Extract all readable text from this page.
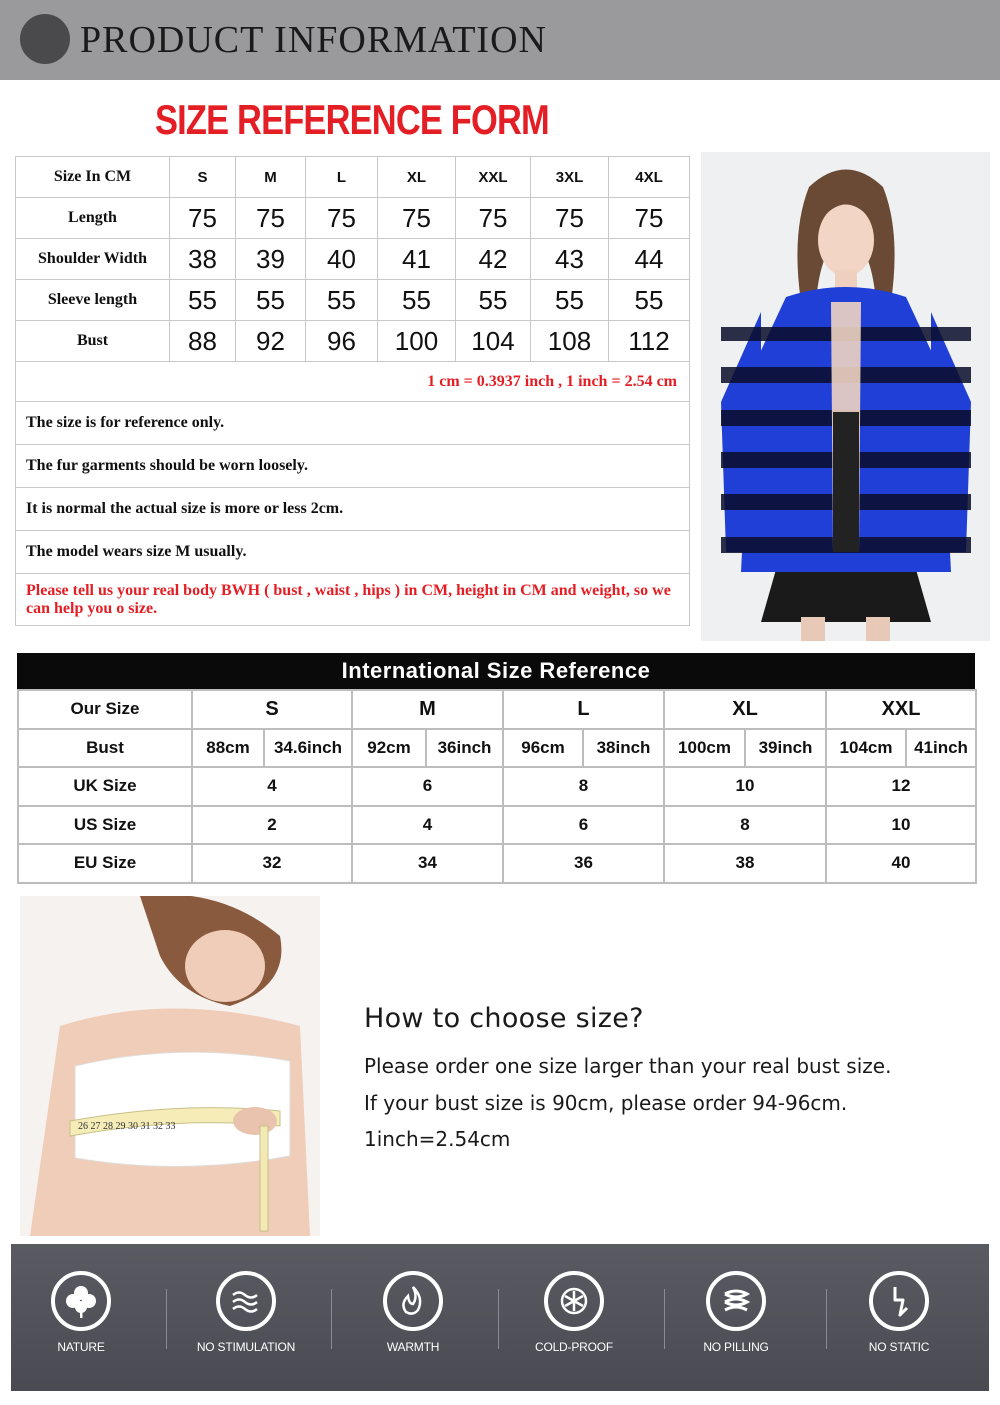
PRODUCT INFORMATION
SIZE REFERENCE FORM
Size In CM	S	M	L	XL	XXL	3XL	4XL
Length	75	75	75	75	75	75	75
Shoulder Width	38	39	40	41	42	43	44
Sleeve length	55	55	55	55	55	55	55
Bust	88	92	96	100	104	108	112
1 cm = 0.3937 inch , 1 inch = 2.54 cm							
The size is for reference only.							
The fur garments should be worn loosely.							
It is normal the actual size is more or less 2cm.							
The model wears size M usually.							
Please tell us your real body BWH ( bust , waist , hips ) in CM, height in CM and weight, so we can help you o size.							
International Size Reference
Our Size	S		M		L		XL		XXL	
Bust	88cm	34.6inch	92cm	36inch	96cm	38inch	100cm	39inch	104cm	41inch
UK Size	4		6		8		10		12	
US Size	2		4		6		8		10	
EU Size	32		34		36		38		40	
26 27 28 29 30 31 32 33
How to choose size?
Please order one size larger than your real bust size.
If your bust size is 90cm, please order 94-96cm.
1inch=2.54cm
NATURE	NO STIMULATION	WARMTH	COLD-PROOF	NO PILLING	NO STATIC
